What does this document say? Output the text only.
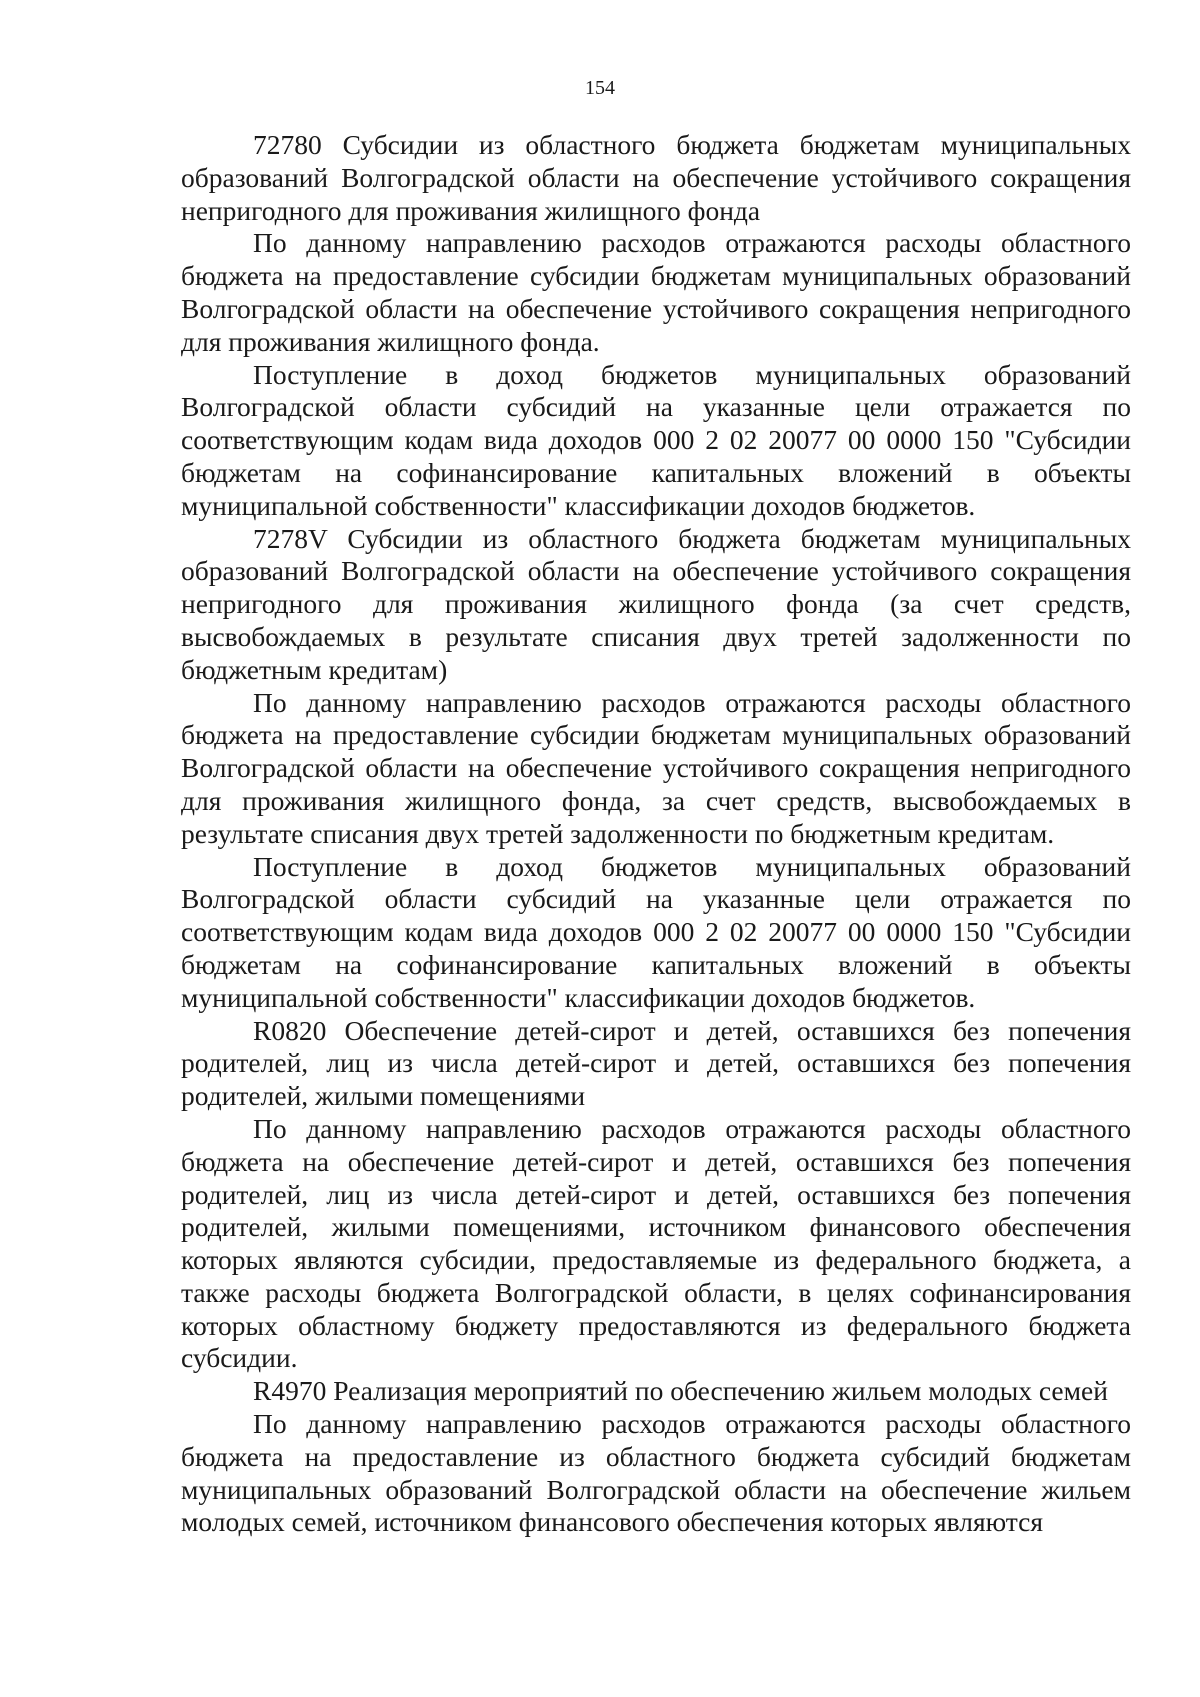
154

72780 Субсидии из областного бюджета бюджетам муниципальных образований Волгоградской области на обеспечение устойчивого сокращения непригодного для проживания жилищного фонда

По данному направлению расходов отражаются расходы областного бюджета на предоставление субсидии бюджетам муниципальных образований Волгоградской области на обеспечение устойчивого сокращения непригодного для проживания жилищного фонда.

Поступление в доход бюджетов муниципальных образований Волгоградской области субсидий на указанные цели отражается по соответствующим кодам вида доходов 000 2 02 20077 00 0000 150 "Субсидии бюджетам на софинансирование капитальных вложений в объекты муниципальной собственности" классификации доходов бюджетов.

7278V Субсидии из областного бюджета бюджетам муниципальных образований Волгоградской области на обеспечение устойчивого сокращения непригодного для проживания жилищного фонда (за счет средств, высвобождаемых в результате списания двух третей задолженности по бюджетным кредитам)

По данному направлению расходов отражаются расходы областного бюджета на предоставление субсидии бюджетам муниципальных образований Волгоградской области на обеспечение устойчивого сокращения непригодного для проживания жилищного фонда, за счет средств, высвобождаемых в результате списания двух третей задолженности по бюджетным кредитам.

Поступление в доход бюджетов муниципальных образований Волгоградской области субсидий на указанные цели отражается по соответствующим кодам вида доходов 000 2 02 20077 00 0000 150 "Субсидии бюджетам на софинансирование капитальных вложений в объекты муниципальной собственности" классификации доходов бюджетов.

R0820 Обеспечение детей-сирот и детей, оставшихся без попечения родителей, лиц из числа детей-сирот и детей, оставшихся без попечения родителей, жилыми помещениями

По данному направлению расходов отражаются расходы областного бюджета на обеспечение детей-сирот и детей, оставшихся без попечения родителей, лиц из числа детей-сирот и детей, оставшихся без попечения родителей, жилыми помещениями, источником финансового обеспечения которых являются субсидии, предоставляемые из федерального бюджета, а также расходы бюджета Волгоградской области, в целях софинансирования которых областному бюджету предоставляются из федерального бюджета субсидии.

R4970 Реализация мероприятий по обеспечению жильем молодых семей

По данному направлению расходов отражаются расходы областного бюджета на предоставление из областного бюджета субсидий бюджетам муниципальных образований Волгоградской области на обеспечение жильем молодых семей, источником финансового обеспечения которых являются
